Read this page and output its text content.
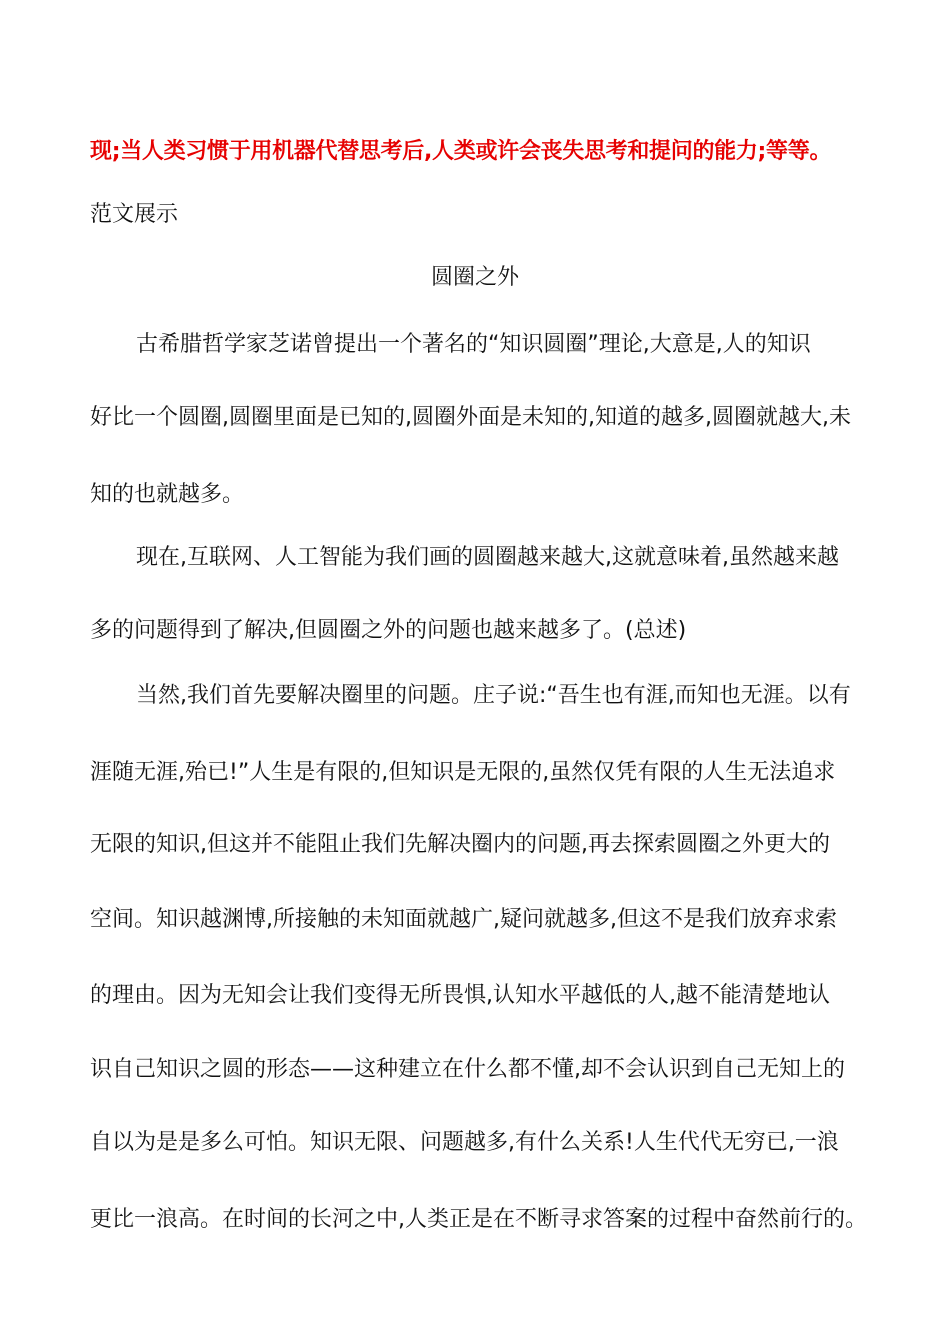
现;当人类习惯于用机器代替思考后,人类或许会丧失思考和提问的能力;等等。
范文展示
圆圈之外
古希腊哲学家芝诺曾提出一个著名的“知识圆圈”理论,大意是,人的知识
好比一个圆圈,圆圈里面是已知的,圆圈外面是未知的,知道的越多,圆圈就越大,未
知的也就越多。
现在,互联网、人工智能为我们画的圆圈越来越大,这就意味着,虽然越来越
多的问题得到了解决,但圆圈之外的问题也越来越多了。(总述)
当然,我们首先要解决圈里的问题。庄子说:“吾生也有涯,而知也无涯。以有
涯随无涯,殆已!”人生是有限的,但知识是无限的,虽然仅凭有限的人生无法追求
无限的知识,但这并不能阻止我们先解决圈内的问题,再去探索圆圈之外更大的
空间。知识越渊博,所接触的未知面就越广,疑问就越多,但这不是我们放弃求索
的理由。因为无知会让我们变得无所畏惧,认知水平越低的人,越不能清楚地认
识自己知识之圆的形态——这种建立在什么都不懂,却不会认识到自己无知上的
自以为是是多么可怕。知识无限、问题越多,有什么关系!人生代代无穷已,一浪
更比一浪高。在时间的长河之中,人类正是在不断寻求答案的过程中奋然前行的。
